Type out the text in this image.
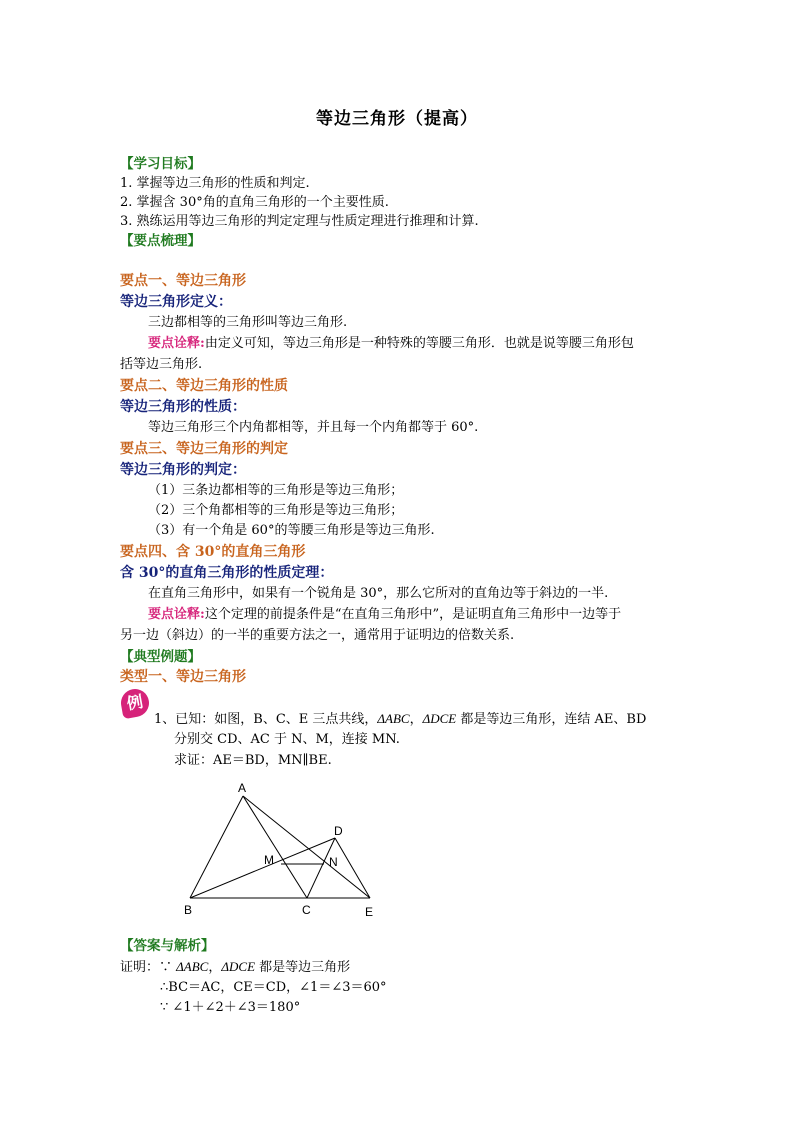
等边三角形（提高）
【学习目标】
1. 掌握等边三角形的性质和判定.
2. 掌握含 30°角的直角三角形的一个主要性质.
3. 熟练运用等边三角形的判定定理与性质定理进行推理和计算.
【要点梳理】
要点一、等边三角形
等边三角形定义：
三边都相等的三角形叫等边三角形.
要点诠释:由定义可知，等边三角形是一种特殊的等腰三角形．也就是说等腰三角形包
括等边三角形.
要点二、等边三角形的性质
等边三角形的性质：
等边三角形三个内角都相等，并且每一个内角都等于 60°.
要点三、等边三角形的判定
等边三角形的判定：
（1）三条边都相等的三角形是等边三角形；
（2）三个角都相等的三角形是等边三角形；
（3）有一个角是 60°的等腰三角形是等边三角形.
要点四、含 30°的直角三角形
含 30°的直角三角形的性质定理：
在直角三角形中，如果有一个锐角是 30°，那么它所对的直角边等于斜边的一半.
要点诠释:这个定理的前提条件是“在直角三角形中”，是证明直角三角形中一边等于
另一边（斜边）的一半的重要方法之一，通常用于证明边的倍数关系.
【典型例题】
类型一、等边三角形
例
1、已知：如图，B、C、E 三点共线，ΔABC，ΔDCE 都是等边三角形，连结 AE、BD
分别交 CD、AC 于 N、M，连接 MN.
求证：AE＝BD，MN∥BE.
A
B	C
D
E
M	N
【答案与解析】
证明：∵ ΔABC，ΔDCE 都是等边三角形
∴BC＝AC，CE＝CD，∠1＝∠3＝60°
∵ ∠1＋∠2＋∠3＝180°
